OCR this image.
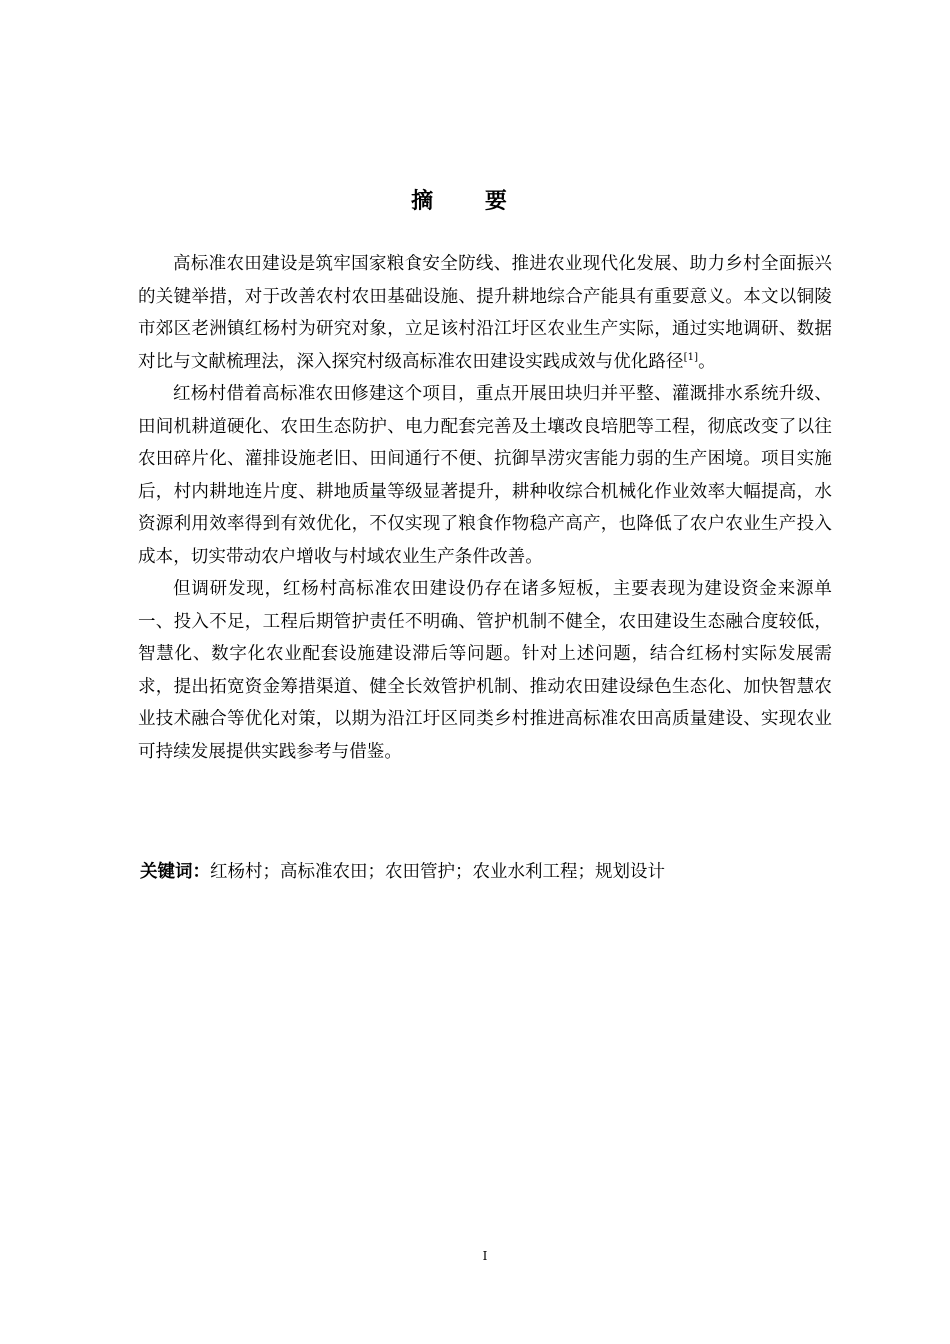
摘 要

高标准农田建设是筑牢国家粮食安全防线、推进农业现代化发展、助力乡村全面振兴的关键举措，对于改善农村农田基础设施、提升耕地综合产能具有重要意义。本文以铜陵市郊区老洲镇红杨村为研究对象，立足该村沿江圩区农业生产实际，通过实地调研、数据对比与文献梳理法，深入探究村级高标准农田建设实践成效与优化路径[1]。

红杨村借着高标准农田修建这个项目，重点开展田块归并平整、灌溉排水系统升级、田间机耕道硬化、农田生态防护、电力配套完善及土壤改良培肥等工程，彻底改变了以往农田碎片化、灌排设施老旧、田间通行不便、抗御旱涝灾害能力弱的生产困境。项目实施后，村内耕地连片度、耕地质量等级显著提升，耕种收综合机械化作业效率大幅提高，水资源利用效率得到有效优化，不仅实现了粮食作物稳产高产，也降低了农户农业生产投入成本，切实带动农户增收与村域农业生产条件改善。

但调研发现，红杨村高标准农田建设仍存在诸多短板，主要表现为建设资金来源单一、投入不足，工程后期管护责任不明确、管护机制不健全，农田建设生态融合度较低，智慧化、数字化农业配套设施建设滞后等问题。针对上述问题，结合红杨村实际发展需求，提出拓宽资金筹措渠道、健全长效管护机制、推动农田建设绿色生态化、加快智慧农业技术融合等优化对策，以期为沿江圩区同类乡村推进高标准农田高质量建设、实现农业可持续发展提供实践参考与借鉴。

关键词：红杨村；高标准农田；农田管护；农业水利工程；规划设计
I
